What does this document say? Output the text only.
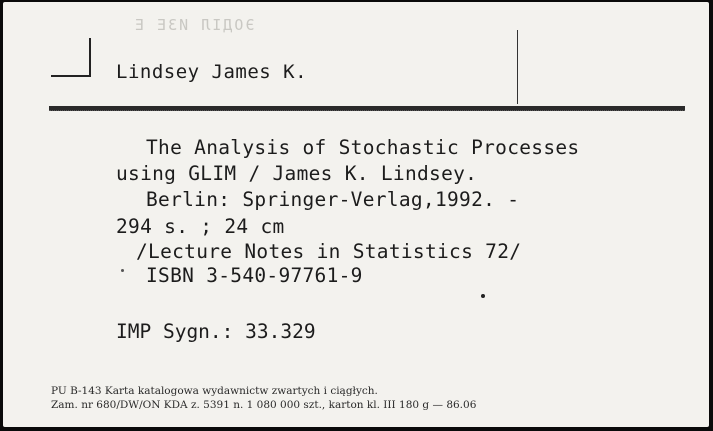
ЭОДІЛ ИЗЕ Е
Lindsey James K.
The Analysis of Stochastic Processes
using GLIM / James K. Lindsey.
Berlin: Springer-Verlag,1992. -
294 s. ; 24 cm
/Lecture Notes in Statistics 72/
ISBN 3-540-97761-9
IMP Sygn.: 33.329
PU B-143 Karta katalogowa wydawnictw zwartych i ciągłych.
Zam. nr 680/DW/ON KDA z. 5391 n. 1 080 000 szt., karton kl. III 180 g — 86.06
